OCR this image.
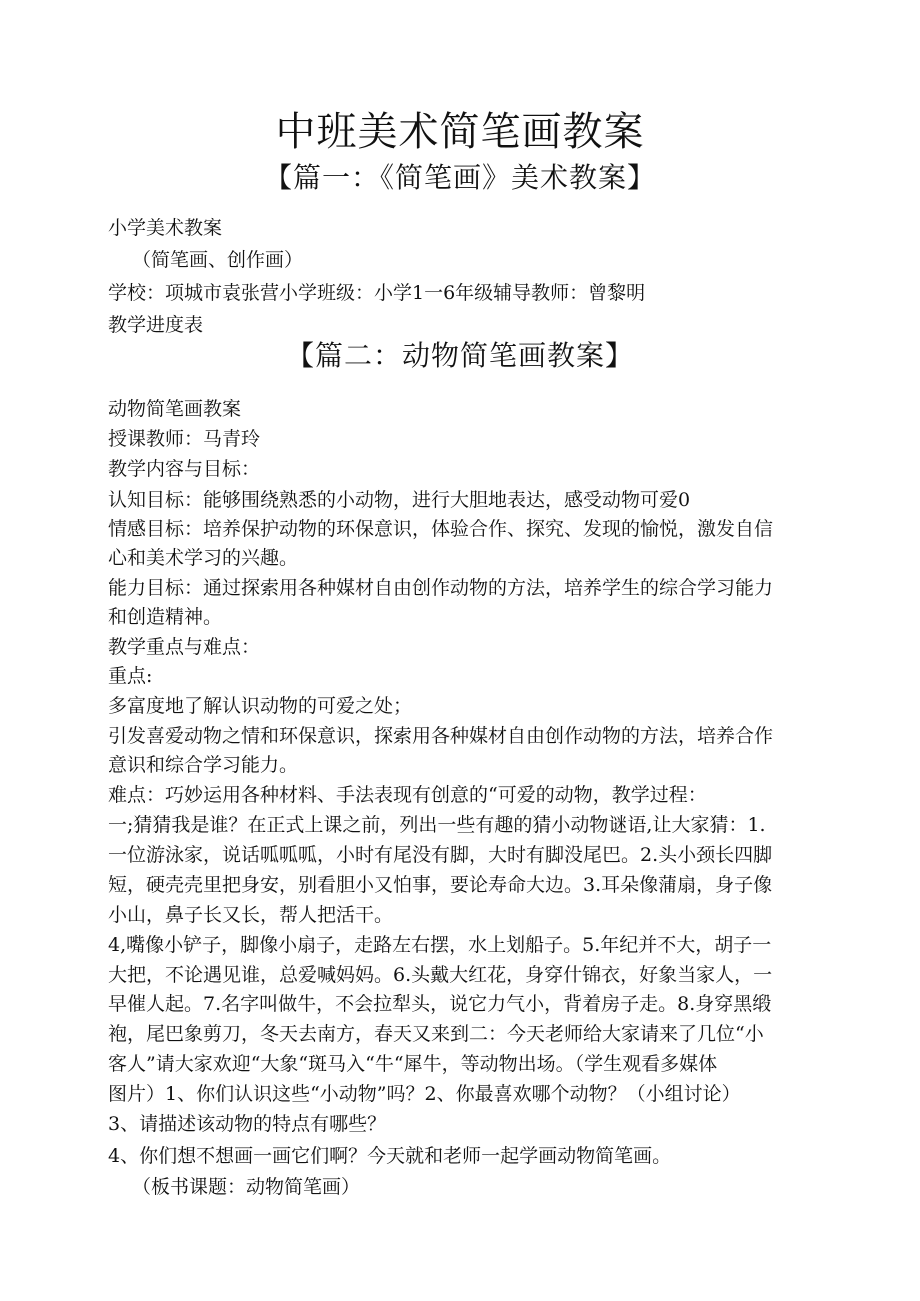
中班美术简笔画教案
【篇一：《简笔画》美术教案】
小学美术教案
（简笔画、创作画）
学校：项城市袁张营小学班级：小学1一6年级辅导教师：曾黎明
教学进度表
【篇二：动物简笔画教案】
动物简笔画教案
授课教师：马青玲
教学内容与目标：
认知目标：能够围绕熟悉的小动物，进行大胆地表达，感受动物可爱0
情感目标：培养保护动物的环保意识，体验合作、探究、发现的愉悦，激发自信
心和美术学习的兴趣。
能力目标：通过探索用各种媒材自由创作动物的方法，培养学生的综合学习能力
和创造精神。
教学重点与难点：
重点:
多富度地了解认识动物的可爱之处；
引发喜爱动物之情和环保意识，探索用各种媒材自由创作动物的方法，培养合作
意识和综合学习能力。
难点：巧妙运用各种材料、手法表现有创意的“可爱的动物，教学过程：
一;猜猜我是谁？在正式上课之前，列出一些有趣的猜小动物谜语,让大家猜：1.
一位游泳家，说话呱呱呱，小时有尾没有脚，大时有脚没尾巴。2.头小颈长四脚
短，硬壳壳里把身安，别看胆小又怕事，要论寿命大边。3.耳朵像蒲扇，身子像
小山，鼻子长又长，帮人把活干。
4,嘴像小铲子，脚像小扇子，走路左右摆，水上划船子。5.年纪并不大，胡子一
大把，不论遇见谁，总爱喊妈妈。6.头戴大红花，身穿什锦衣，好象当家人，一
早催人起。7.名字叫做牛，不会拉犁头，说它力气小，背着房子走。8.身穿黑缎
袍，尾巴象剪刀，冬天去南方，春天又来到二：今天老师给大家请来了几位“小
客人”请大家欢迎“大象“斑马入“牛“犀牛，等动物出场。（学生观看多媒体
图片）1、你们认识这些“小动物”吗？2、你最喜欢哪个动物？（小组讨论）
3、请描述该动物的特点有哪些？
4、你们想不想画一画它们啊？今天就和老师一起学画动物简笔画。
（板书课题：动物简笔画）
